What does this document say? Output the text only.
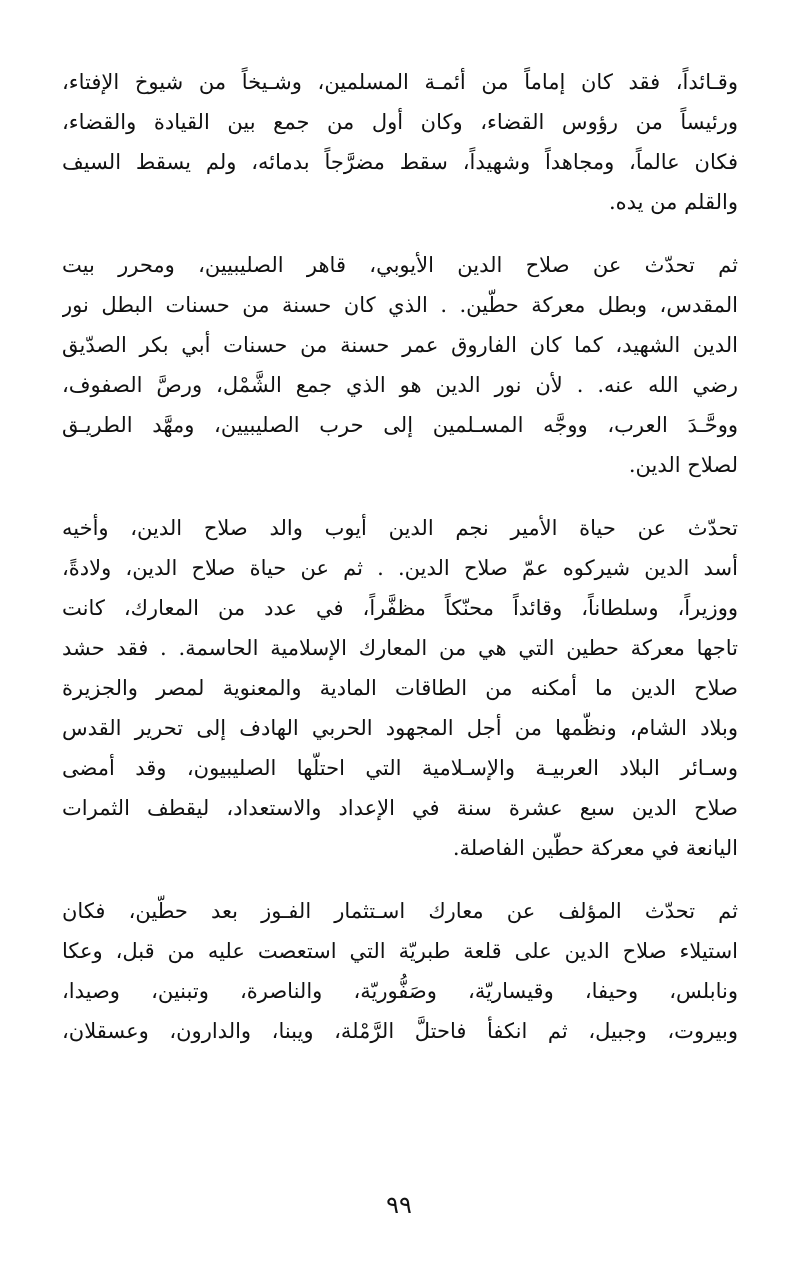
وقـائداً، فقد كان إماماً من أئمـة المسلمين، وشـيخاً من شيوخ الإفتاء،
ورئيساً من رؤوس القضاء، وكان أول من جمع بين القيادة والقضاء،
فكان عالماً، ومجاهداً وشهيداً، سقط مضرَّجاً بدمائه، ولم يسقط السيف
والقلم من يده.
ثم تحدّث عن صلاح الدين الأيوبي، قاهر الصليبيين، ومحرر بيت
المقدس، وبطل معركة حطّين. . الذي كان حسنة من حسنات البطل نور
الدين الشهيد، كما كان الفاروق عمر حسنة من حسنات أبي بكر الصدّيق
رضي الله عنه. . لأن نور الدين هو الذي جمع الشَّمْل، ورصَّ الصفوف،
ووحَّـدَ العرب، ووجَّه المسـلمين إلى حرب الصليبيين، ومهَّد الطريـق
لصلاح الدين.
تحدّث عن حياة الأمير نجم الدين أيوب والد صلاح الدين، وأخيه
أسد الدين شيركوه عمّ صلاح الدين. . ثم عن حياة صلاح الدين، ولادةً،
ووزيراً، وسلطاناً، وقائداً محنّكاً مظفَّراً، في عدد من المعارك، كانت
تاجها معركة حطين التي هي من المعارك الإسلامية الحاسمة. . فقد حشد
صلاح الدين ما أمكنه من الطاقات المادية والمعنوية لمصر والجزيرة
وبلاد الشام، ونظّمها من أجل المجهود الحربي الهادف إلى تحرير القدس
وسـائر البلاد العربيـة والإسـلامية التي احتلّها الصليبيون، وقد أمضى
صلاح الدين سبع عشرة سنة في الإعداد والاستعداد، ليقطف الثمرات
اليانعة في معركة حطّين الفاصلة.
ثم تحدّث المؤلف عن معارك اسـتثمار الفـوز بعد حطّين، فكان
استيلاء صلاح الدين على قلعة طبريّة التي استعصت عليه من قبل، وعكا
ونابلس، وحيفا، وقيساريّة، وصَفُّوريّة، والناصرة، وتبنين، وصيدا،
وبيروت، وجبيل، ثم انكفأ فاحتلَّ الرَّمْلة، ويبنا، والدارون، وعسقلان،
٩٩
